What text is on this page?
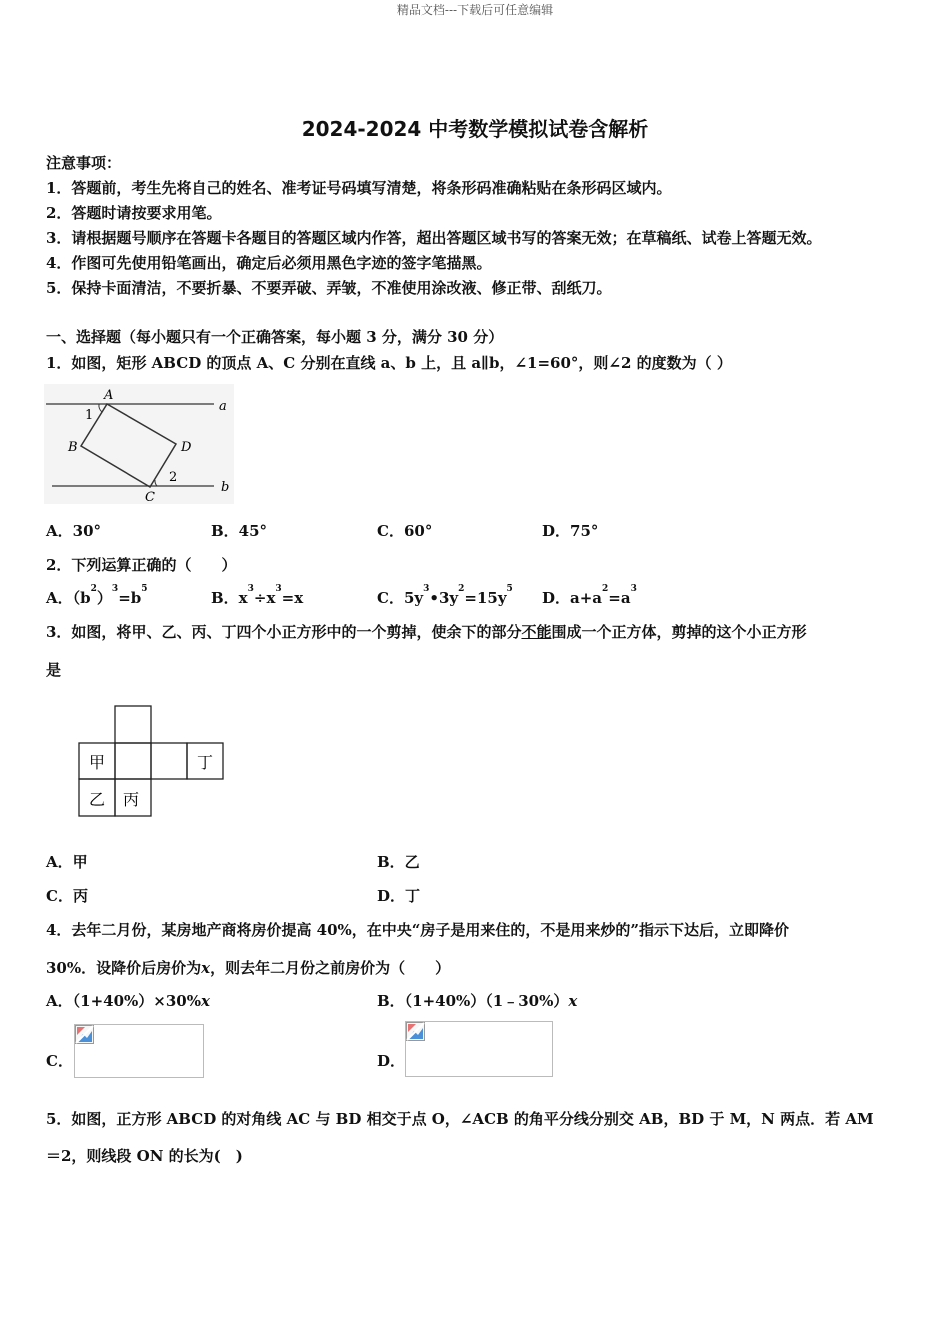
精品文档---下载后可任意编辑
2024-2024 中考数学模拟试卷含解析
注意事项：
1．答题前，考生先将自己的姓名、准考证号码填写清楚，将条形码准确粘贴在条形码区域内。
2．答题时请按要求用笔。
3．请根据题号顺序在答题卡各题目的答题区域内作答，超出答题区域书写的答案无效；在草稿纸、试卷上答题无效。
4．作图可先使用铅笔画出，确定后必须用黑色字迹的签字笔描黑。
5．保持卡面清洁，不要折暴、不要弄破、弄皱，不准使用涂改液、修正带、刮纸刀。
一、选择题（每小题只有一个正确答案，每小题 3 分，满分 30 分）
1．如图，矩形 ABCD 的顶点 A、C 分别在直线 a、b 上，且 a∥b，∠1=60°，则∠2 的度数为（ ）
A
1
B	D
2
C
a
b
A．30°	B．45°	C．60°	D．75°
2．下列运算正确的（　　）
A．$(b^2)^3=b^5$	B．$x^3\div x^3=x$	C．$5y^3•3y^2=15y^5$ D．$a+a^2=a^3$
3．如图，将甲、乙、丙、丁四个小正方形中的一个剪掉，使余下的部分不能围成一个正方体，剪掉的这个小正方形
是
甲	丁
乙 丙
A．甲	B．乙
C．丙	D．丁
4．去年二月份，某房地产商将房价提高 40%，在中央“房子是用来住的，不是用来炒的”指示下达后，立即降价
30%．设降价后房价为x，则去年二月份之前房价为（　　）
A．（1+40%）×30%x	B．（1+40%）（1﹣30%）x
C．	D．
5．如图，正方形 ABCD 的对角线 AC 与 BD 相交于点 O，∠ACB 的角平分线分别交 AB，BD 于 M，N 两点．若 AM
＝2，则线段 ON 的长为(　)
